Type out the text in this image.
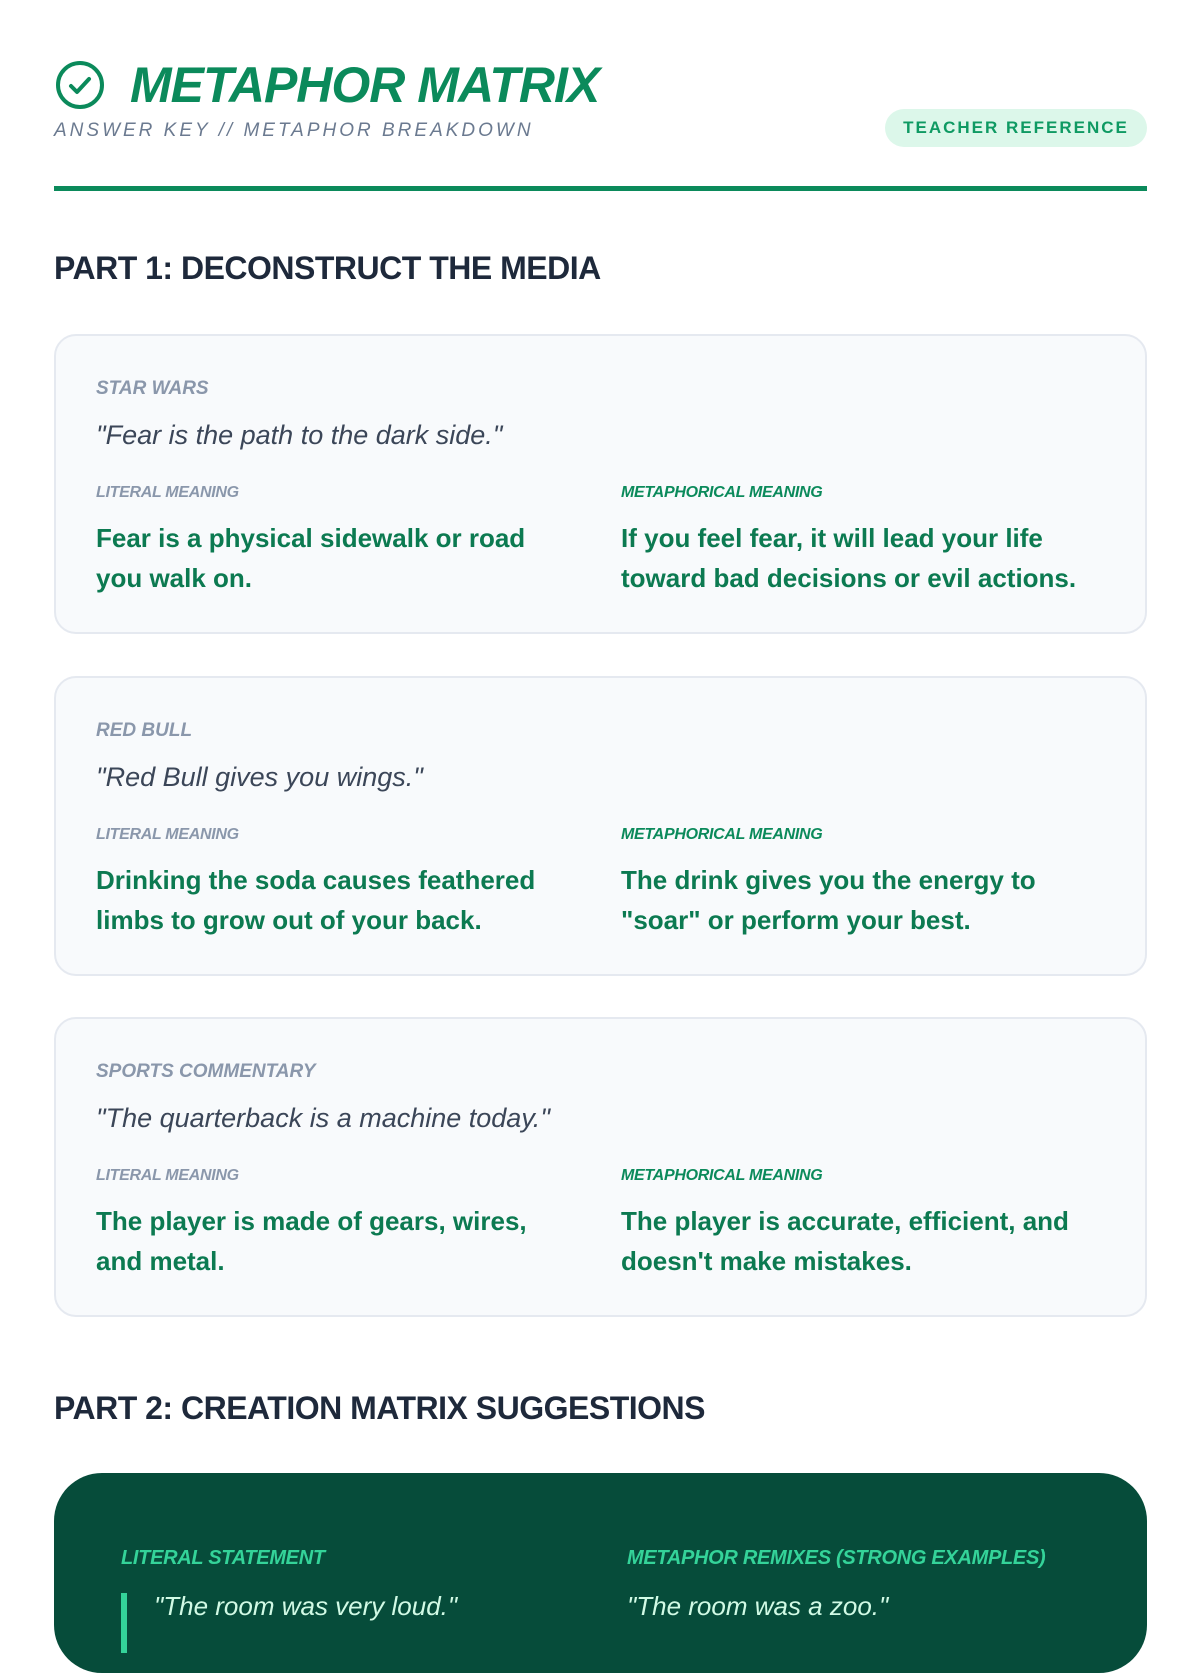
METAPHOR MATRIX
ANSWER KEY // METAPHOR BREAKDOWN	TEACHER REFERENCE
PART 1: DECONSTRUCT THE MEDIA
STAR WARS
"Fear is the path to the dark side."
LITERAL MEANING
Fear is a physical sidewalk or road you walk on.
METAPHORICAL MEANING
If you feel fear, it will lead your life toward bad decisions or evil actions.
RED BULL
"Red Bull gives you wings."
LITERAL MEANING
Drinking the soda causes feathered limbs to grow out of your back.
METAPHORICAL MEANING
The drink gives you the energy to "soar" or perform your best.
SPORTS COMMENTARY
"The quarterback is a machine today."
LITERAL MEANING
The player is made of gears, wires, and metal.
METAPHORICAL MEANING
The player is accurate, efficient, and doesn't make mistakes.
PART 2: CREATION MATRIX SUGGESTIONS
LITERAL STATEMENT	METAPHOR REMIXES (STRONG EXAMPLES)
"The room was very loud."	"The room was a zoo."
